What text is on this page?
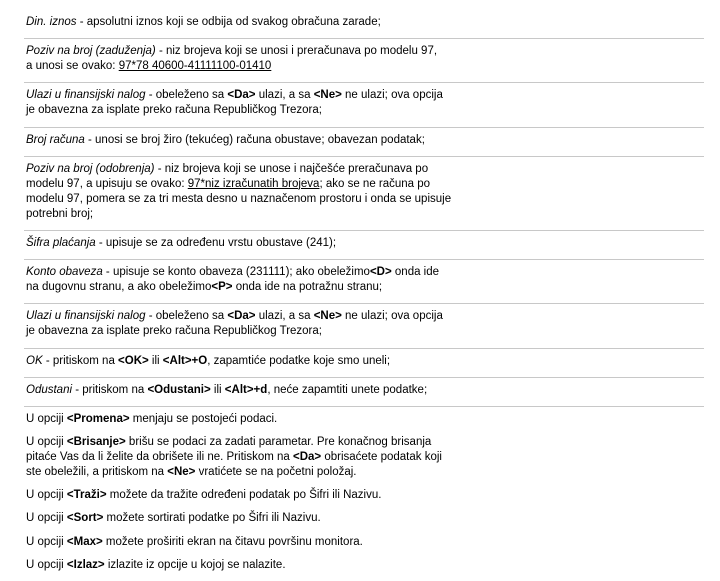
Din. iznos - apsolutni iznos koji se odbija od svakog obračuna zarade;
Poziv na broj (zaduženja) - niz brojeva koji se unosi i preračunava po modelu 97,
a unosi se ovako: 97*78 40600-41111100-01410
Ulazi u finansijski nalog - obeleženo sa <Da> ulazi, a sa <Ne> ne ulazi; ova opcija
je obavezna za isplate preko računa Republičkog Trezora;
Broj računa - unosi se broj žiro (tekućeg) računa obustave; obavezan podatak;
Poziv na broj (odobrenja) - niz brojeva koji se unose i najčešće preračunava po
modelu 97, a upisuju se ovako: 97*niz izračunatih brojeva; ako se ne računa po
modelu 97, pomera se za tri mesta desno u naznačenom prostoru i onda se upisuje
potrebni broj;
Šifra plaćanja - upisuje se za određenu vrstu obustave (241);
Konto obaveza - upisuje se konto obaveza (231111); ako obeležimo<D> onda ide
na dugovnu stranu, a ako obeležimo<P> onda ide na potražnu stranu;
Ulazi u finansijski nalog - obeleženo sa <Da> ulazi, a sa <Ne> ne ulazi; ova opcija
je obavezna za isplate preko računa Republičkog Trezora;
OK - pritiskom na <OK> ili <Alt>+O, zapamtiće podatke koje smo uneli;
Odustani - pritiskom na <Odustani> ili <Alt>+d, neće zapamtiti unete podatke;
U opciji <Promena> menjaju se postojeći podaci.
U opciji <Brisanje> brišu se podaci za zadati parametar. Pre konačnog brisanja
pitaće Vas da li želite da obrišete ili ne. Pritiskom na <Da> obrisaćete podatak koji
ste obeležili, a pritiskom na <Ne> vratićete se na početni položaj.
U opciji <Traži> možete da tražite određeni podatak po Šifri ili Nazivu.
U opciji <Sort> možete sortirati podatke po Šifri ili Nazivu.
U opciji <Max> možete proširiti ekran na čitavu površinu monitora.
U opciji <Izlaz> izlazite iz opcije u kojoj se nalazite.
